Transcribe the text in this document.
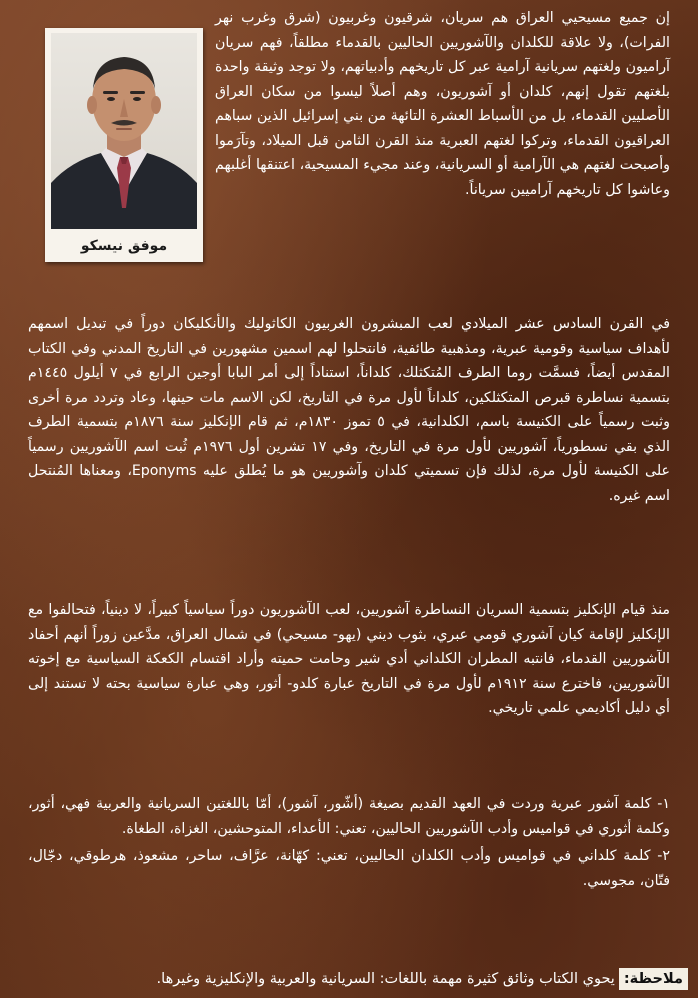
موفق نيسكو
إن جميع مسيحيي العراق هم سريان، شرقيون وغربيون (شرق وغرب نهر الفرات)، ولا علاقة للكلدان والآشوريين الحاليين بالقدماء مطلقاً، فهم سريان آراميون ولغتهم سريانية آرامية عبر كل تاريخهم وأدبياتهم، ولا توجد وثيقة واحدة بلغتهم تقول إنهم، كلدان أو آشوريون، وهم أصلاً ليسوا من سكان العراق الأصليين القدماء، بل من الأسباط العشرة التائهة من بني إسرائيل الذين سباهم العراقيون القدماء، وتركوا لغتهم العبرية منذ القرن الثامن قبل الميلاد، وتآرَموا وأصبحت لغتهم هي الآرامية أو السريانية، وعند مجيء المسيحية، اعتنقها أغلبهم وعاشوا كل تاريخهم آراميين سرياناً.
في القرن السادس عشر الميلادي لعب المبشرون الغربيون الكاثوليك والأنكليكان دوراً في تبديل اسمهم لأهداف سياسية وقومية عبرية، ومذهبية طائفية، فانتحلوا لهم اسمين مشهورين في التاريخ المدني وفي الكتاب المقدس أيضاً، فسمَّت روما الطرف المُتكثلك، كلداناً، استناداً إلى أمر البابا أوجين الرابع في ٧ أيلول ١٤٤٥م بتسمية نساطرة قبرص المتكثلكين، كلداناً لأول مرة في التاريخ، لكن الاسم مات حينها، وعاد وتردد مرة أخرى وثبت رسمياً على الكنيسة باسم، الكلدانية، في ٥ تموز ١٨٣٠م، ثم قام الإنكليز سنة ١٨٧٦م بتسمية الطرف الذي بقي نسطورياً، آشوريين لأول مرة في التاريخ، وفي ١٧ تشرين أول ١٩٧٦م ثُبت اسم الآشوريين رسمياً على الكنيسة لأول مرة، لذلك فإن تسميتي كلدان وآشوريين هو ما يُطلق عليه Eponyms، ومعناها المُنتحل اسم غيره.
منذ قيام الإنكليز بتسمية السريان النساطرة آشوريين، لعب الآشوريون دوراً سياسياً كبيراً، لا دينياً، فتحالفوا مع الإنكليز لإقامة كيان آشوري قومي عبري، بثوب ديني (يهو- مسيحي) في شمال العراق، مدَّعين زوراً أنهم أحفاد الآشوريين القدماء، فانتبه المطران الكلداني أدي شير وحامت حميته وأراد اقتسام الكعكة السياسية مع إخوته الآشوريين، فاخترع سنة ١٩١٢م لأول مرة في التاريخ عبارة كلدو- أثور، وهي عبارة سياسية بحته لا تستند إلى أي دليل أكاديمي علمي تاريخي.
١- كلمة آشور عبرية وردت في العهد القديم بصيغة (أشّور، آشور)، أمّا باللغتين السريانية والعربية فهي، أثور، وكلمة أثوري في قواميس وأدب الآشوريين الحاليين، تعني: الأعداء، المتوحشين، الغزاة، الطغاة.
٢- كلمة كلداني في قواميس وأدب الكلدان الحاليين، تعني: كهّانة، عرَّاف، ساحر، مشعوذ، هرطوقي، دجّال، فتّان، مجوسي.
ملاحظة:يحوي الكتاب وثائق كثيرة مهمة باللغات: السريانية والعربية والإنكليزية وغيرها.
